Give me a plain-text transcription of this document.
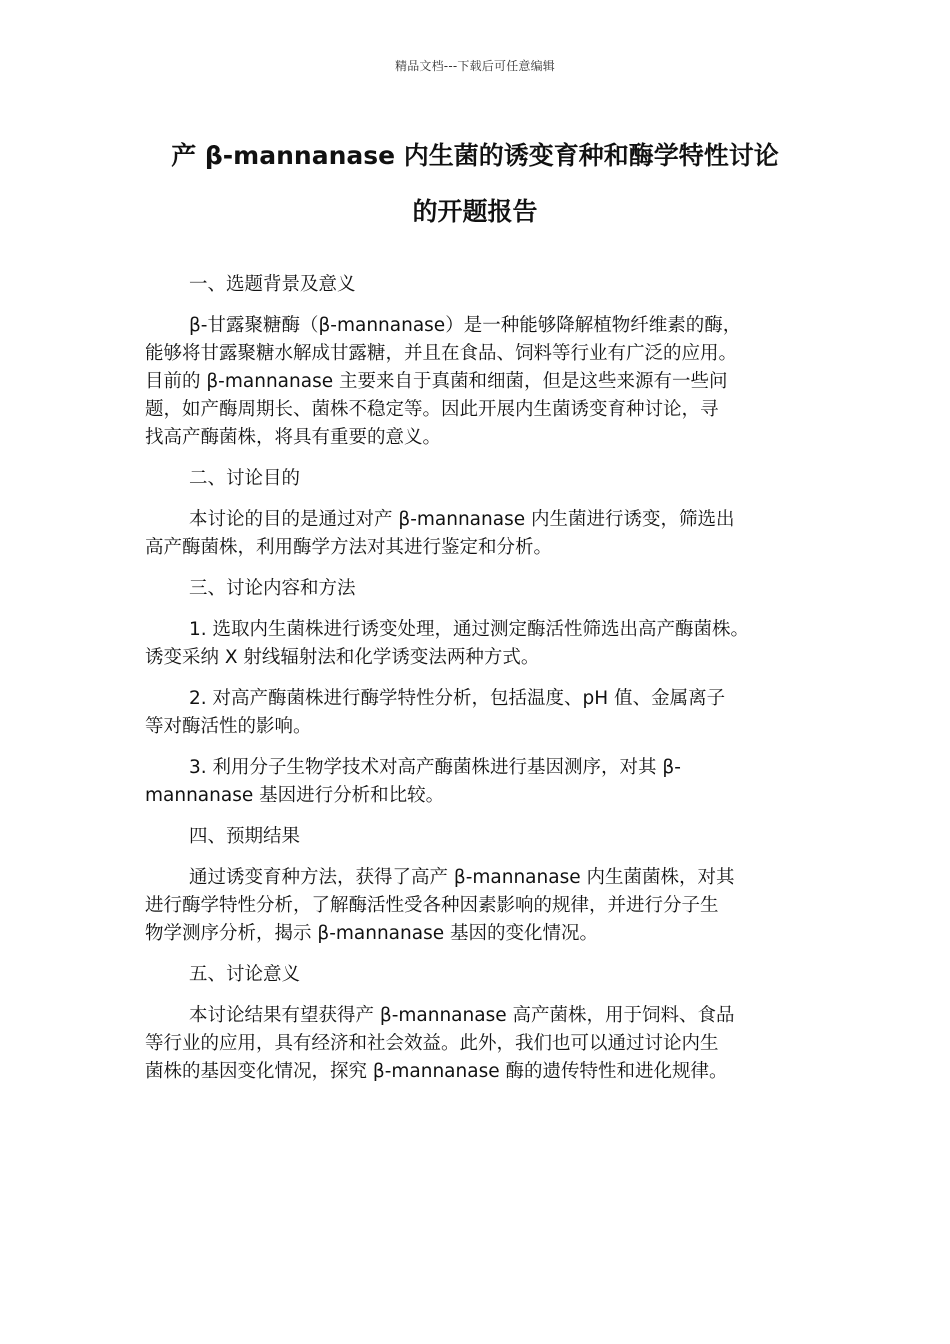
精品文档---下载后可任意编辑
产 β-mannanase 内生菌的诱变育种和酶学特性讨论
的开题报告
一、选题背景及意义
β-甘露聚糖酶（β-mannanase）是一种能够降解植物纤维素的酶，
能够将甘露聚糖水解成甘露糖，并且在食品、饲料等行业有广泛的应用。
目前的 β-mannanase 主要来自于真菌和细菌，但是这些来源有一些问
题，如产酶周期长、菌株不稳定等。因此开展内生菌诱变育种讨论，寻
找高产酶菌株，将具有重要的意义。
二、讨论目的
本讨论的目的是通过对产 β-mannanase 内生菌进行诱变，筛选出
高产酶菌株，利用酶学方法对其进行鉴定和分析。
三、讨论内容和方法
1. 选取内生菌株进行诱变处理，通过测定酶活性筛选出高产酶菌株。
诱变采纳 X 射线辐射法和化学诱变法两种方式。
2. 对高产酶菌株进行酶学特性分析，包括温度、pH 值、金属离子
等对酶活性的影响。
3. 利用分子生物学技术对高产酶菌株进行基因测序，对其 β-
mannanase 基因进行分析和比较。
四、预期结果
通过诱变育种方法，获得了高产 β-mannanase 内生菌菌株，对其
进行酶学特性分析，了解酶活性受各种因素影响的规律，并进行分子生
物学测序分析，揭示 β-mannanase 基因的变化情况。
五、讨论意义
本讨论结果有望获得产 β-mannanase 高产菌株，用于饲料、食品
等行业的应用，具有经济和社会效益。此外，我们也可以通过讨论内生
菌株的基因变化情况，探究 β-mannanase 酶的遗传特性和进化规律。
